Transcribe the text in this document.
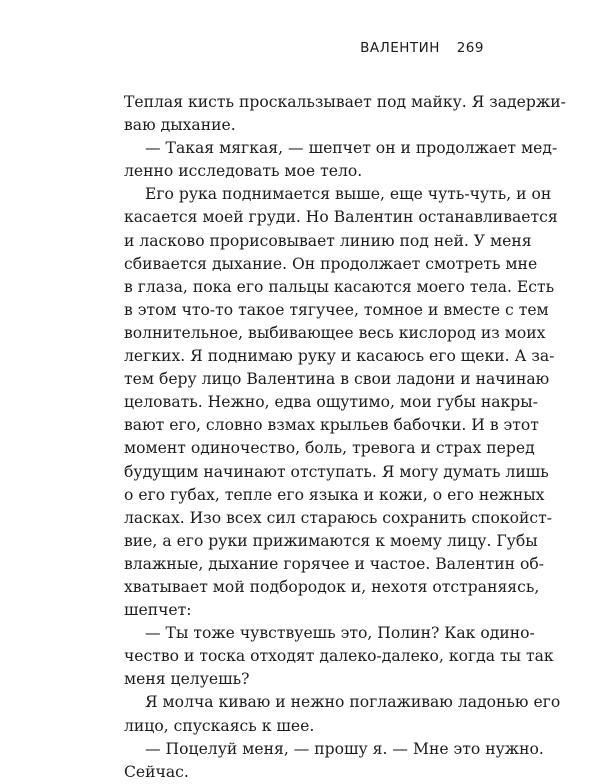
ВАЛЕНТИН 269
Теплая кисть проскальзывает под майку. Я задержи-
ваю дыхание.
— Такая мягкая, — шепчет он и продолжает мед-
ленно исследовать мое тело.
Его рука поднимается выше, еще чуть-чуть, и он
касается моей груди. Но Валентин останавливается
и ласково прорисовывает линию под ней. У меня
сбивается дыхание. Он продолжает смотреть мне
в глаза, пока его пальцы касаются моего тела. Есть
в этом что-то такое тягучее, томное и вместе с тем
волнительное, выбивающее весь кислород из моих
легких. Я поднимаю руку и касаюсь его щеки. А за-
тем беру лицо Валентина в свои ладони и начинаю
целовать. Нежно, едва ощутимо, мои губы накры-
вают его, словно взмах крыльев бабочки. И в этот
момент одиночество, боль, тревога и страх перед
будущим начинают отступать. Я могу думать лишь
о его губах, тепле его языка и кожи, о его нежных
ласках. Изо всех сил стараюсь сохранить спокойст-
вие, а его руки прижимаются к моему лицу. Губы
влажные, дыхание горячее и частое. Валентин об-
хватывает мой подбородок и, нехотя отстраняясь,
шепчет:
— Ты тоже чувствуешь это, Полин? Как одино-
чество и тоска отходят далеко-далеко, когда ты так
меня целуешь?
Я молча киваю и нежно поглаживаю ладонью его
лицо, спускаясь к шее.
— Поцелуй меня, — прошу я. — Мне это нужно.
Сейчас.
